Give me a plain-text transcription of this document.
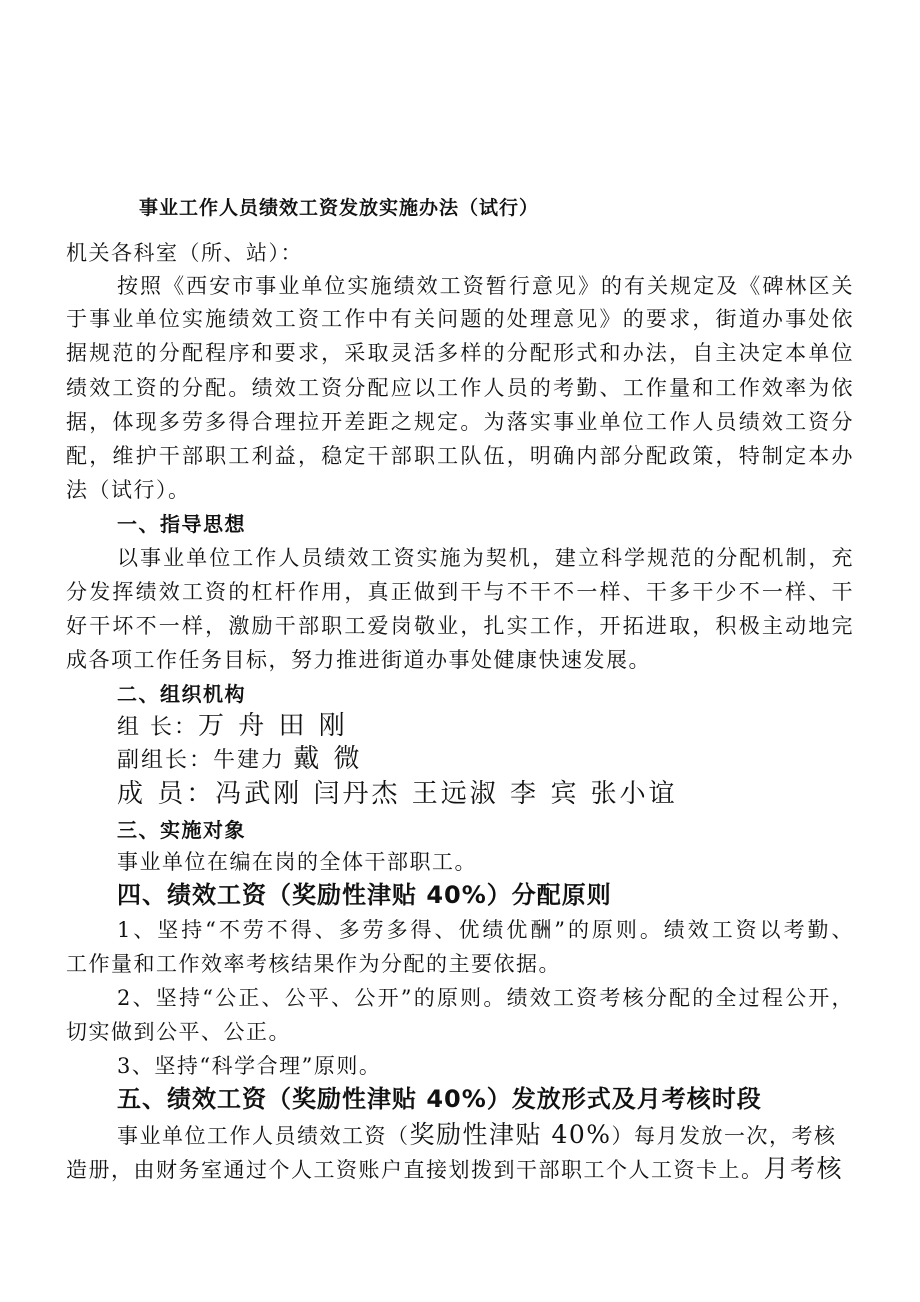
事业工作人员绩效工资发放实施办法（试行）
机关各科室（所、站）：
按照《西安市事业单位实施绩效工资暂行意见》的有关规定及《碑林区关
于事业单位实施绩效工资工作中有关问题的处理意见》的要求，街道办事处依
据规范的分配程序和要求，采取灵活多样的分配形式和办法，自主决定本单位
绩效工资的分配。绩效工资分配应以工作人员的考勤、工作量和工作效率为依
据，体现多劳多得合理拉开差距之规定。为落实事业单位工作人员绩效工资分
配，维护干部职工利益，稳定干部职工队伍，明确内部分配政策，特制定本办
法（试行）。
一、指导思想
以事业单位工作人员绩效工资实施为契机，建立科学规范的分配机制，充
分发挥绩效工资的杠杆作用，真正做到干与不干不一样、干多干少不一样、干
好干坏不一样，激励干部职工爱岗敬业，扎实工作，开拓进取，积极主动地完
成各项工作任务目标，努力推进街道办事处健康快速发展。
二、组织机构
组 长：万 舟 田 刚
副组长：牛建力 戴 微
成 员：冯武刚 闫丹杰 王远淑 李 宾 张小谊
三、实施对象
事业单位在编在岗的全体干部职工。
四、绩效工资（奖励性津贴 40%）分配原则
1、坚持“不劳不得、多劳多得、优绩优酬”的原则。绩效工资以考勤、
工作量和工作效率考核结果作为分配的主要依据。
2、坚持“公正、公平、公开”的原则。绩效工资考核分配的全过程公开，
切实做到公平、公正。
3、坚持“科学合理”原则。
五、绩效工资（奖励性津贴 40%）发放形式及月考核时段
事业单位工作人员绩效工资（奖励性津贴 40%）每月发放一次，考核
造册，由财务室通过个人工资账户直接划拨到干部职工个人工资卡上。月考核
